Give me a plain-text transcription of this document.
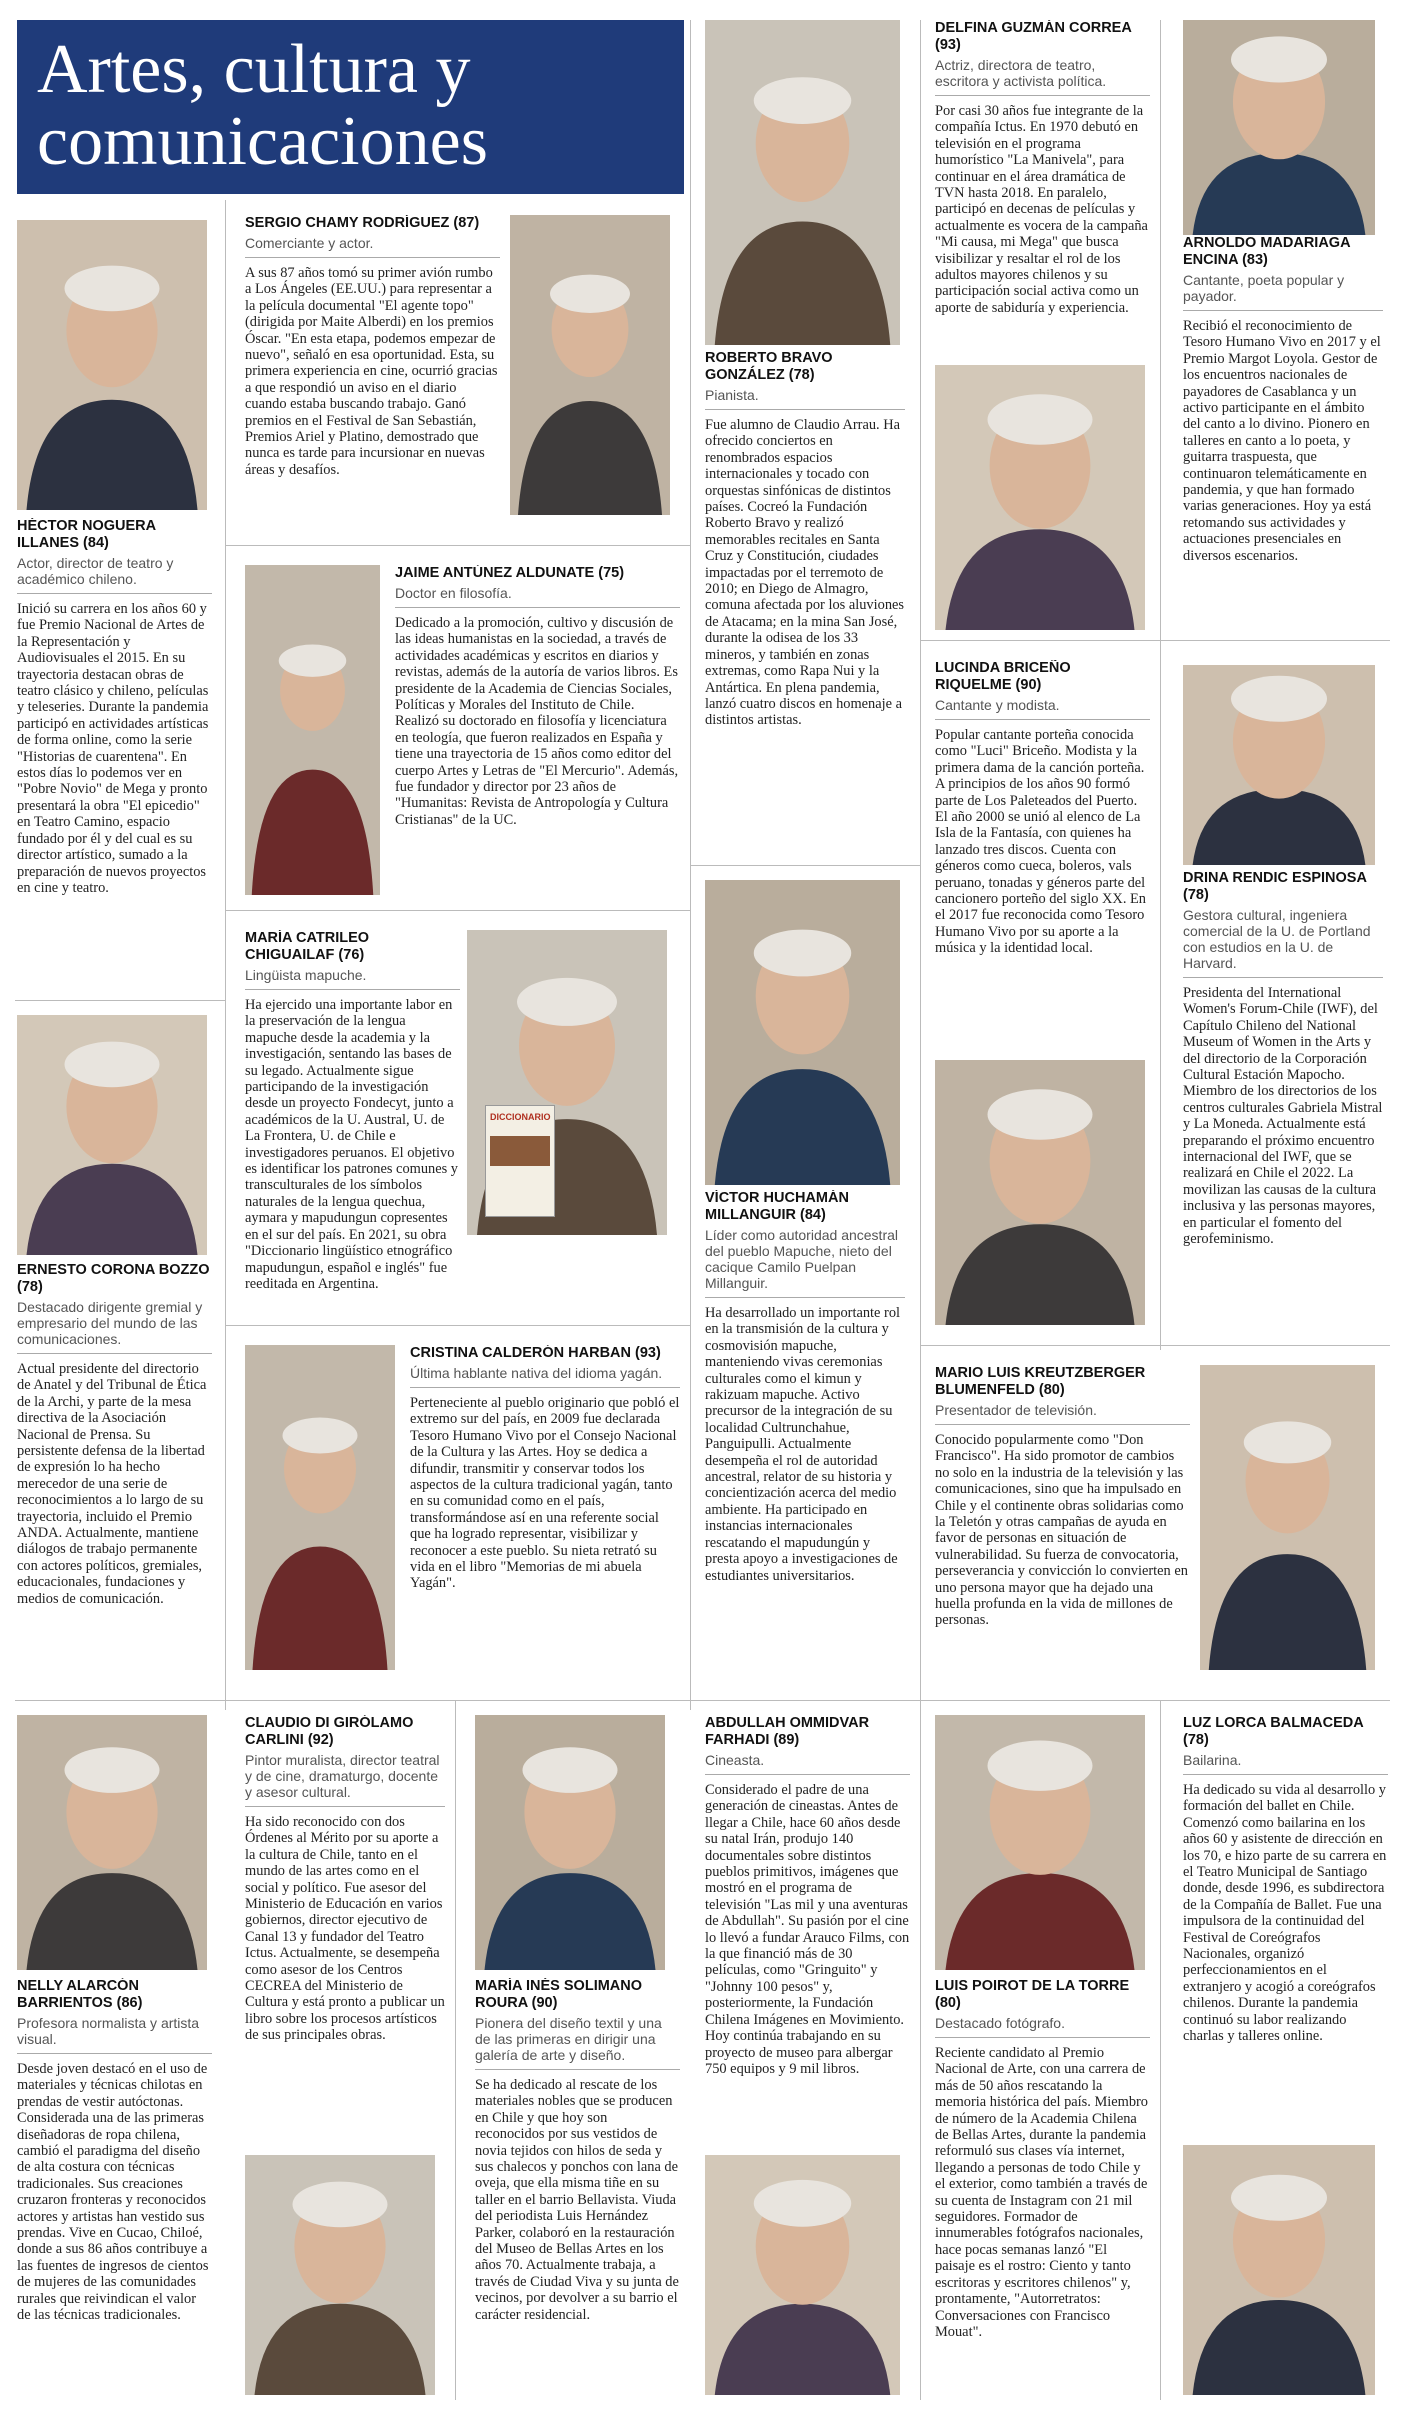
Artes, cultura y
comunicaciones
DICCIONARIO
HÉCTOR NOGUERA ILLANES (84)
Actor, director de teatro y académico chileno.
Inició su carrera en los años 60 y fue Premio Nacional de Artes de la Representación y Audiovisuales el 2015. En su trayectoria destacan obras de teatro clásico y chileno, películas y teleseries. Durante la pandemia participó en actividades artísticas de forma online, como la serie "Historias de cuarentena". En estos días lo podemos ver en "Pobre Novio" de Mega y pronto presentará la obra "El epicedio" en Teatro Camino, espacio fundado por él y del cual es su director artístico, sumado a la preparación de nuevos proyectos en cine y teatro.
SERGIO CHAMY RODRÍGUEZ (87)
Comerciante y actor.
A sus 87 años tomó su primer avión rumbo a Los Ángeles (EE.UU.) para representar a la película documental "El agente topo" (dirigida por Maite Alberdi) en los premios Óscar. "En esta etapa, podemos empezar de nuevo", señaló en esa oportunidad. Esta, su primera experiencia en cine, ocurrió gracias a que respondió un aviso en el diario cuando estaba buscando trabajo. Ganó premios en el Festival de San Sebastián, Premios Ariel y Platino, demostrado que nunca es tarde para incursionar en nuevas áreas y desafíos.
ROBERTO BRAVO GONZÁLEZ (78)
Pianista.
Fue alumno de Claudio Arrau. Ha ofrecido conciertos en renombrados espacios internacionales y tocado con orquestas sinfónicas de distintos países. Cocreó la Fundación Roberto Bravo y realizó memorables recitales en Santa Cruz y Constitución, ciudades impactadas por el terremoto de 2010; en Diego de Almagro, comuna afectada por los aluviones de Atacama; en la mina San José, durante la odisea de los 33 mineros, y también en zonas extremas, como Rapa Nui y la Antártica. En plena pandemia, lanzó cuatro discos en homenaje a distintos artistas.
DELFINA GUZMÁN CORREA (93)
Actriz, directora de teatro, escritora y activista política.
Por casi 30 años fue integrante de la compañía Ictus. En 1970 debutó en televisión en el programa humorístico "La Manivela", para continuar en el área dramática de TVN hasta 2018. En paralelo, participó en decenas de películas y actualmente es vocera de la campaña "Mi causa, mi Mega" que busca visibilizar y resaltar el rol de los adultos mayores chilenos y su participación social activa como un aporte de sabiduría y experiencia.
ARNOLDO MADARIAGA ENCINA (83)
Cantante, poeta popular y payador.
Recibió el reconocimiento de Tesoro Humano Vivo en 2017 y el Premio Margot Loyola. Gestor de los encuentros nacionales de payadores de Casablanca y un activo participante en el ámbito del canto a lo divino. Pionero en talleres en canto a lo poeta, y guitarra traspuesta, que continuaron telemáticamente en pandemia, y que han formado varias generaciones. Hoy ya está retomando sus actividades y actuaciones presenciales en diversos escenarios.
JAIME ANTÚNEZ ALDUNATE (75)
Doctor en filosofía.
Dedicado a la promoción, cultivo y discusión de las ideas humanistas en la sociedad, a través de actividades académicas y escritos en diarios y revistas, además de la autoría de varios libros. Es presidente de la Academia de Ciencias Sociales, Políticas y Morales del Instituto de Chile. Realizó su doctorado en filosofía y licenciatura en teología, que fueron realizados en España y tiene una trayectoria de 15 años como editor del cuerpo Artes y Letras de "El Mercurio". Además, fue fundador y director por 23 años de "Humanitas: Revista de Antropología y Cultura Cristianas" de la UC.
LUCINDA BRICEÑO RIQUELME (90)
Cantante y modista.
Popular cantante porteña conocida como "Luci" Briceño. Modista y la primera dama de la canción porteña. A principios de los años 90 formó parte de Los Paleteados del Puerto. El año 2000 se unió al elenco de La Isla de la Fantasía, con quienes ha lanzado tres discos. Cuenta con géneros como cueca, boleros, vals peruano, tonadas y géneros parte del cancionero porteño del siglo XX. En el 2017 fue reconocida como Tesoro Humano Vivo por su aporte a la música y la identidad local.
DRINA RENDIC ESPINOSA (78)
Gestora cultural, ingeniera comercial de la U. de Portland con estudios en la U. de Harvard.
Presidenta del International Women's Forum-Chile (IWF), del Capítulo Chileno del National Museum of Women in the Arts y del directorio de la Corporación Cultural Estación Mapocho. Miembro de los directorios de los centros culturales Gabriela Mistral y La Moneda. Actualmente está preparando el próximo encuentro internacional del IWF, que se realizará en Chile el 2022. La movilizan las causas de la cultura inclusiva y las personas mayores, en particular el fomento del gerofeminismo.
MARÍA CATRILEO CHIGUAILAF (76)
Lingüista mapuche.
Ha ejercido una importante labor en la preservación de la lengua mapuche desde la academia y la investigación, sentando las bases de su legado. Actualmente sigue participando de la investigación desde un proyecto Fondecyt, junto a académicos de la U. Austral, U. de La Frontera, U. de Chile e investigadores peruanos. El objetivo es identificar los patrones comunes y transculturales de los símbolos naturales de la lengua quechua, aymara y mapudungun copresentes en el sur del país. En 2021, su obra "Diccionario lingüístico etnográfico mapudungun, español e inglés" fue reeditada en Argentina.
VÍCTOR HUCHAMÁN MILLANGUIR (84)
Líder como autoridad ancestral del pueblo Mapuche, nieto del cacique Camilo Puelpan Millanguir.
Ha desarrollado un importante rol en la transmisión de la cultura y cosmovisión mapuche, manteniendo vivas ceremonias culturales como el kimun y rakizuam mapuche. Activo precursor de la integración de su localidad Cultrunchahue, Panguipulli. Actualmente desempeña el rol de autoridad ancestral, relator de su historia y concientización acerca del medio ambiente. Ha participado en instancias internacionales rescatando el mapudungún y presta apoyo a investigaciones de estudiantes universitarios.
ERNESTO CORONA BOZZO (78)
Destacado dirigente gremial y empresario del mundo de las comunicaciones.
Actual presidente del directorio de Anatel y del Tribunal de Ética de la Archi, y parte de la mesa directiva de la Asociación Nacional de Prensa. Su persistente defensa de la libertad de expresión lo ha hecho merecedor de una serie de reconocimientos a lo largo de su trayectoria, incluido el Premio ANDA. Actualmente, mantiene diálogos de trabajo permanente con actores políticos, gremiales, educacionales, fundaciones y medios de comunicación.
CRISTINA CALDERÓN HARBAN (93)
Última hablante nativa del idioma yagán.
Perteneciente al pueblo originario que pobló el extremo sur del país, en 2009 fue declarada Tesoro Humano Vivo por el Consejo Nacional de la Cultura y las Artes. Hoy se dedica a difundir, transmitir y conservar todos los aspectos de la cultura tradicional yagán, tanto en su comunidad como en el país, transformándose así en una referente social que ha logrado representar, visibilizar y reconocer a este pueblo. Su nieta retrató su vida en el libro "Memorias de mi abuela Yagán".
MARIO LUIS KREUTZBERGER BLUMENFELD (80)
Presentador de televisión.
Conocido popularmente como "Don Francisco". Ha sido promotor de cambios no solo en la industria de la televisión y las comunicaciones, sino que ha impulsado en Chile y el continente obras solidarias como la Teletón y otras campañas de ayuda en favor de personas en situación de vulnerabilidad. Su fuerza de convocatoria, perseverancia y convicción lo convierten en uno persona mayor que ha dejado una huella profunda en la vida de millones de personas.
NELLY ALARCÓN BARRIENTOS (86)
Profesora normalista y artista visual.
Desde joven destacó en el uso de materiales y técnicas chilotas en prendas de vestir autóctonas. Considerada una de las primeras diseñadoras de ropa chilena, cambió el paradigma del diseño de alta costura con técnicas tradicionales. Sus creaciones cruzaron fronteras y reconocidos actores y artistas han vestido sus prendas. Vive en Cucao, Chiloé, donde a sus 86 años contribuye a las fuentes de ingresos de cientos de mujeres de las comunidades rurales que reivindican el valor de las técnicas tradicionales.
CLAUDIO DI GIRÓLAMO CARLINI (92)
Pintor muralista, director teatral y de cine, dramaturgo, docente y asesor cultural.
Ha sido reconocido con dos Órdenes al Mérito por su aporte a la cultura de Chile, tanto en el mundo de las artes como en el social y político. Fue asesor del Ministerio de Educación en varios gobiernos, director ejecutivo de Canal 13 y fundador del Teatro Ictus. Actualmente, se desempeña como asesor de los Centros CECREA del Ministerio de Cultura y está pronto a publicar un libro sobre los procesos artísticos de sus principales obras.
MARÍA INÉS SOLIMANO ROURA (90)
Pionera del diseño textil y una de las primeras en dirigir una galería de arte y diseño.
Se ha dedicado al rescate de los materiales nobles que se producen en Chile y que hoy son reconocidos por sus vestidos de novia tejidos con hilos de seda y sus chalecos y ponchos con lana de oveja, que ella misma tiñe en su taller en el barrio Bellavista. Viuda del periodista Luis Hernández Parker, colaboró en la restauración del Museo de Bellas Artes en los años 70. Actualmente trabaja, a través de Ciudad Viva y su junta de vecinos, por devolver a su barrio el carácter residencial.
ABDULLAH OMMIDVAR FARHADI (89)
Cineasta.
Considerado el padre de una generación de cineastas. Antes de llegar a Chile, hace 60 años desde su natal Irán, produjo 140 documentales sobre distintos pueblos primitivos, imágenes que mostró en el programa de televisión "Las mil y una aventuras de Abdullah". Su pasión por el cine lo llevó a fundar Arauco Films, con la que financió más de 30 películas, como "Gringuito" y "Johnny 100 pesos" y, posteriormente, la Fundación Chilena Imágenes en Movimiento. Hoy continúa trabajando en su proyecto de museo para albergar 750 equipos y 9 mil libros.
LUIS POIROT DE LA TORRE (80)
Destacado fotógrafo.
Reciente candidato al Premio Nacional de Arte, con una carrera de más de 50 años rescatando la memoria histórica del país. Miembro de número de la Academia Chilena de Bellas Artes, durante la pandemia reformuló sus clases vía internet, llegando a personas de todo Chile y el exterior, como también a través de su cuenta de Instagram con 21 mil seguidores. Formador de innumerables fotógrafos nacionales, hace pocas semanas lanzó "El paisaje es el rostro: Ciento y tanto escritoras y escritores chilenos" y, prontamente, "Autorretratos: Conversaciones con Francisco Mouat".
LUZ LORCA BALMACEDA (78)
Bailarina.
Ha dedicado su vida al desarrollo y formación del ballet en Chile. Comenzó como bailarina en los años 60 y asistente de dirección en los 70, e hizo parte de su carrera en el Teatro Municipal de Santiago donde, desde 1996, es subdirectora de la Compañía de Ballet. Fue una impulsora de la continuidad del Festival de Coreógrafos Nacionales, organizó perfeccionamientos en el extranjero y acogió a coreógrafos chilenos. Durante la pandemia continuó su labor realizando charlas y talleres online.
